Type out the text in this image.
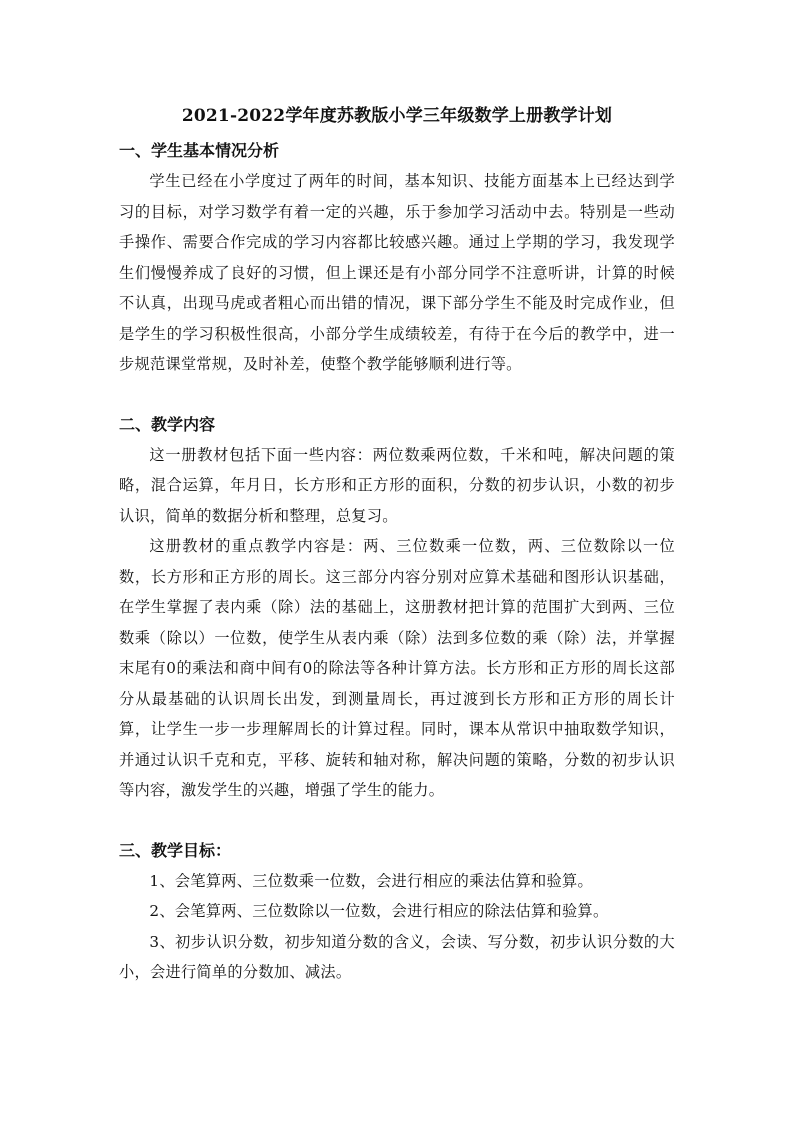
2021-2022学年度苏教版小学三年级数学上册教学计划
一、学生基本情况分析

学生已经在小学度过了两年的时间，基本知识、技能方面基本上已经达到学习的目标，对学习数学有着一定的兴趣，乐于参加学习活动中去。特别是一些动手操作、需要合作完成的学习内容都比较感兴趣。通过上学期的学习，我发现学生们慢慢养成了良好的习惯，但上课还是有小部分同学不注意听讲，计算的时候不认真，出现马虎或者粗心而出错的情况，课下部分学生不能及时完成作业，但是学生的学习积极性很高，小部分学生成绩较差，有待于在今后的教学中，进一步规范课堂常规，及时补差，使整个教学能够顺利进行等。

二、教学内容

这一册教材包括下面一些内容：两位数乘两位数，千米和吨，解决问题的策略，混合运算，年月日，长方形和正方形的面积，分数的初步认识，小数的初步认识，简单的数据分析和整理，总复习。

这册教材的重点教学内容是：两、三位数乘一位数，两、三位数除以一位数，长方形和正方形的周长。这三部分内容分别对应算术基础和图形认识基础，在学生掌握了表内乘（除）法的基础上，这册教材把计算的范围扩大到两、三位数乘（除以）一位数，使学生从表内乘（除）法到多位数的乘（除）法，并掌握末尾有0的乘法和商中间有0的除法等各种计算方法。长方形和正方形的周长这部分从最基础的认识周长出发，到测量周长，再过渡到长方形和正方形的周长计算，让学生一步一步理解周长的计算过程。同时，课本从常识中抽取数学知识，并通过认识千克和克，平移、旋转和轴对称，解决问题的策略，分数的初步认识等内容，激发学生的兴趣，增强了学生的能力。

三、教学目标：

1、会笔算两、三位数乘一位数，会进行相应的乘法估算和验算。

2、会笔算两、三位数除以一位数，会进行相应的除法估算和验算。

3、初步认识分数，初步知道分数的含义，会读、写分数，初步认识分数的大小，会进行简单的分数加、减法。
